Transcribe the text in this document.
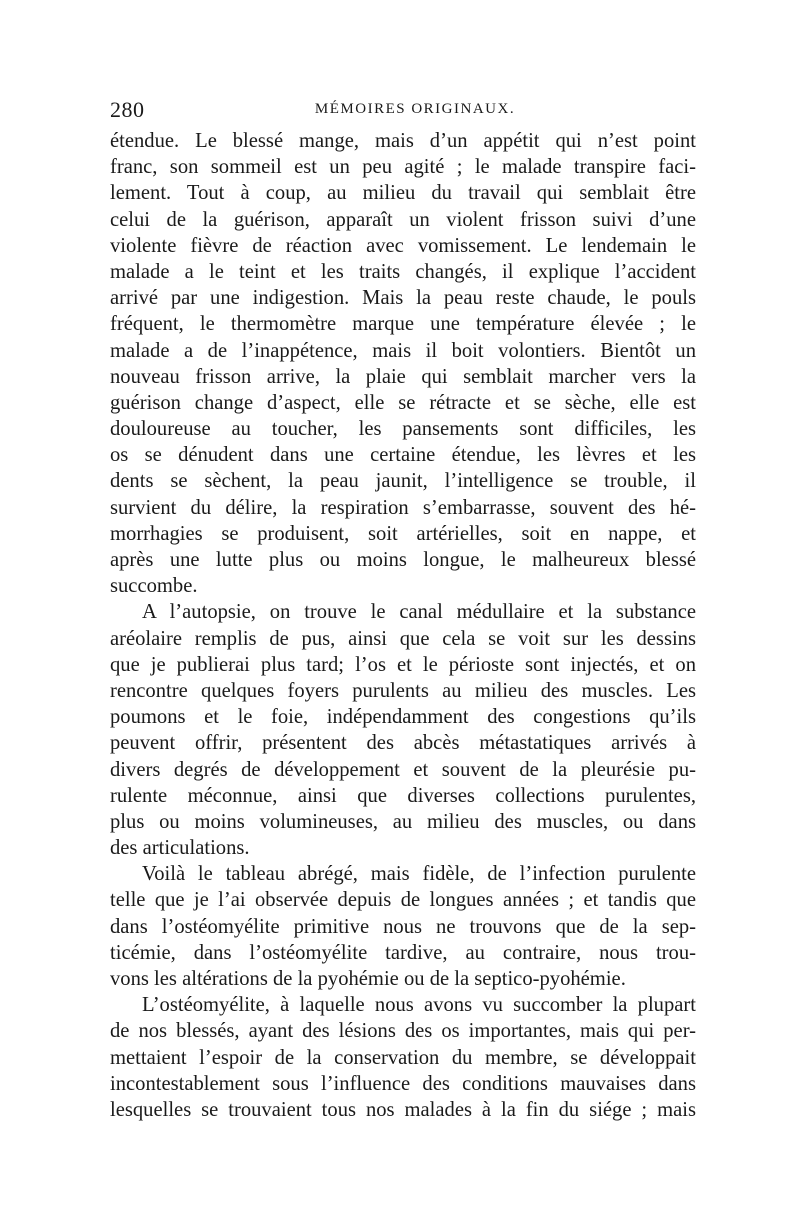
280	MÉMOIRES ORIGINAUX.
étendue. Le blessé mange, mais d’un appétit qui n’est point
franc, son sommeil est un peu agité ; le malade transpire faci-
lement. Tout à coup, au milieu du travail qui semblait être
celui de la guérison, apparaît un violent frisson suivi d’une
violente fièvre de réaction avec vomissement. Le lendemain le
malade a le teint et les traits changés, il explique l’accident
arrivé par une indigestion. Mais la peau reste chaude, le pouls
fréquent, le thermomètre marque une température élevée ; le
malade a de l’inappétence, mais il boit volontiers. Bientôt un
nouveau frisson arrive, la plaie qui semblait marcher vers la
guérison change d’aspect, elle se rétracte et se sèche, elle est
douloureuse au toucher, les pansements sont difficiles, les
os se dénudent dans une certaine étendue, les lèvres et les
dents se sèchent, la peau jaunit, l’intelligence se trouble, il
survient du délire, la respiration s’embarrasse, souvent des hé-
morrhagies se produisent, soit artérielles, soit en nappe, et
après une lutte plus ou moins longue, le malheureux blessé
succombe.
A l’autopsie, on trouve le canal médullaire et la substance
aréolaire remplis de pus, ainsi que cela se voit sur les dessins
que je publierai plus tard; l’os et le périoste sont injectés, et on
rencontre quelques foyers purulents au milieu des muscles. Les
poumons et le foie, indépendamment des congestions qu’ils
peuvent offrir, présentent des abcès métastatiques arrivés à
divers degrés de développement et souvent de la pleurésie pu-
rulente méconnue, ainsi que diverses collections purulentes,
plus ou moins volumineuses, au milieu des muscles, ou dans
des articulations.
Voilà le tableau abrégé, mais fidèle, de l’infection purulente
telle que je l’ai observée depuis de longues années ; et tandis que
dans l’ostéomyélite primitive nous ne trouvons que de la sep-
ticémie, dans l’ostéomyélite tardive, au contraire, nous trou-
vons les altérations de la pyohémie ou de la septico-pyohémie.
L’ostéomyélite, à laquelle nous avons vu succomber la plupart
de nos blessés, ayant des lésions des os importantes, mais qui per-
mettaient l’espoir de la conservation du membre, se développait
incontestablement sous l’influence des conditions mauvaises dans
lesquelles se trouvaient tous nos malades à la fin du siége ; mais
